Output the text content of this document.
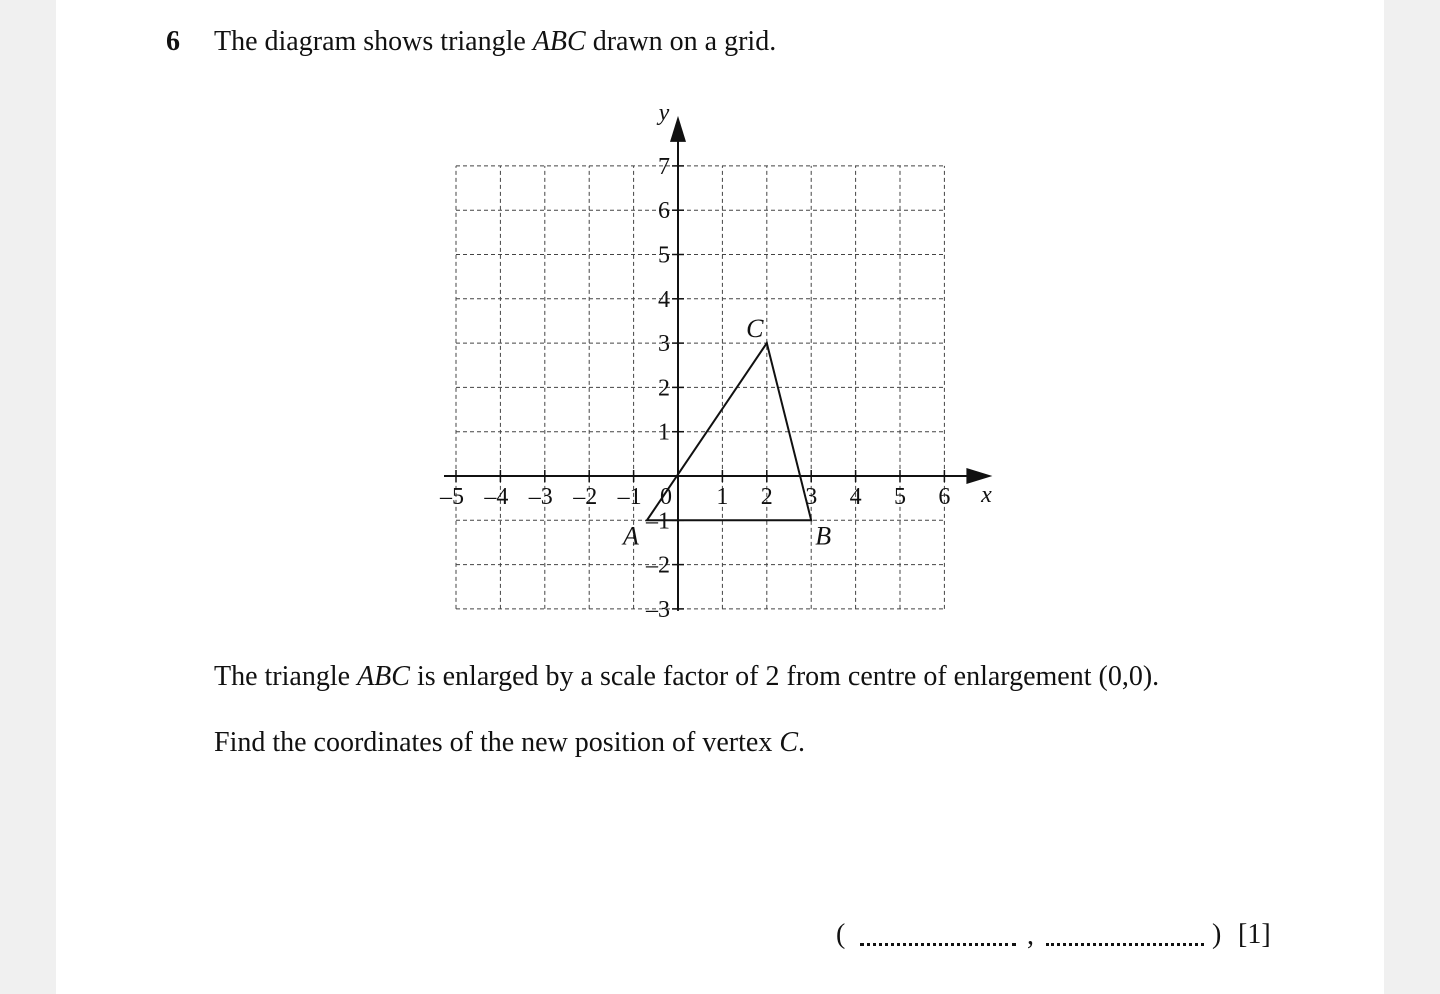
6 The diagram shows triangle ABC drawn on a grid.
–5 –4 –3 –2 –1 0 1 2 3 4 5 6
–3
–2
–1
1
2
3
4
5
6
7
x
y
A	B
C
The triangle ABC is enlarged by a scale factor of 2 from centre of enlargement (0,0).
Find the coordinates of the new position of vertex C.
(	,	) [1]
